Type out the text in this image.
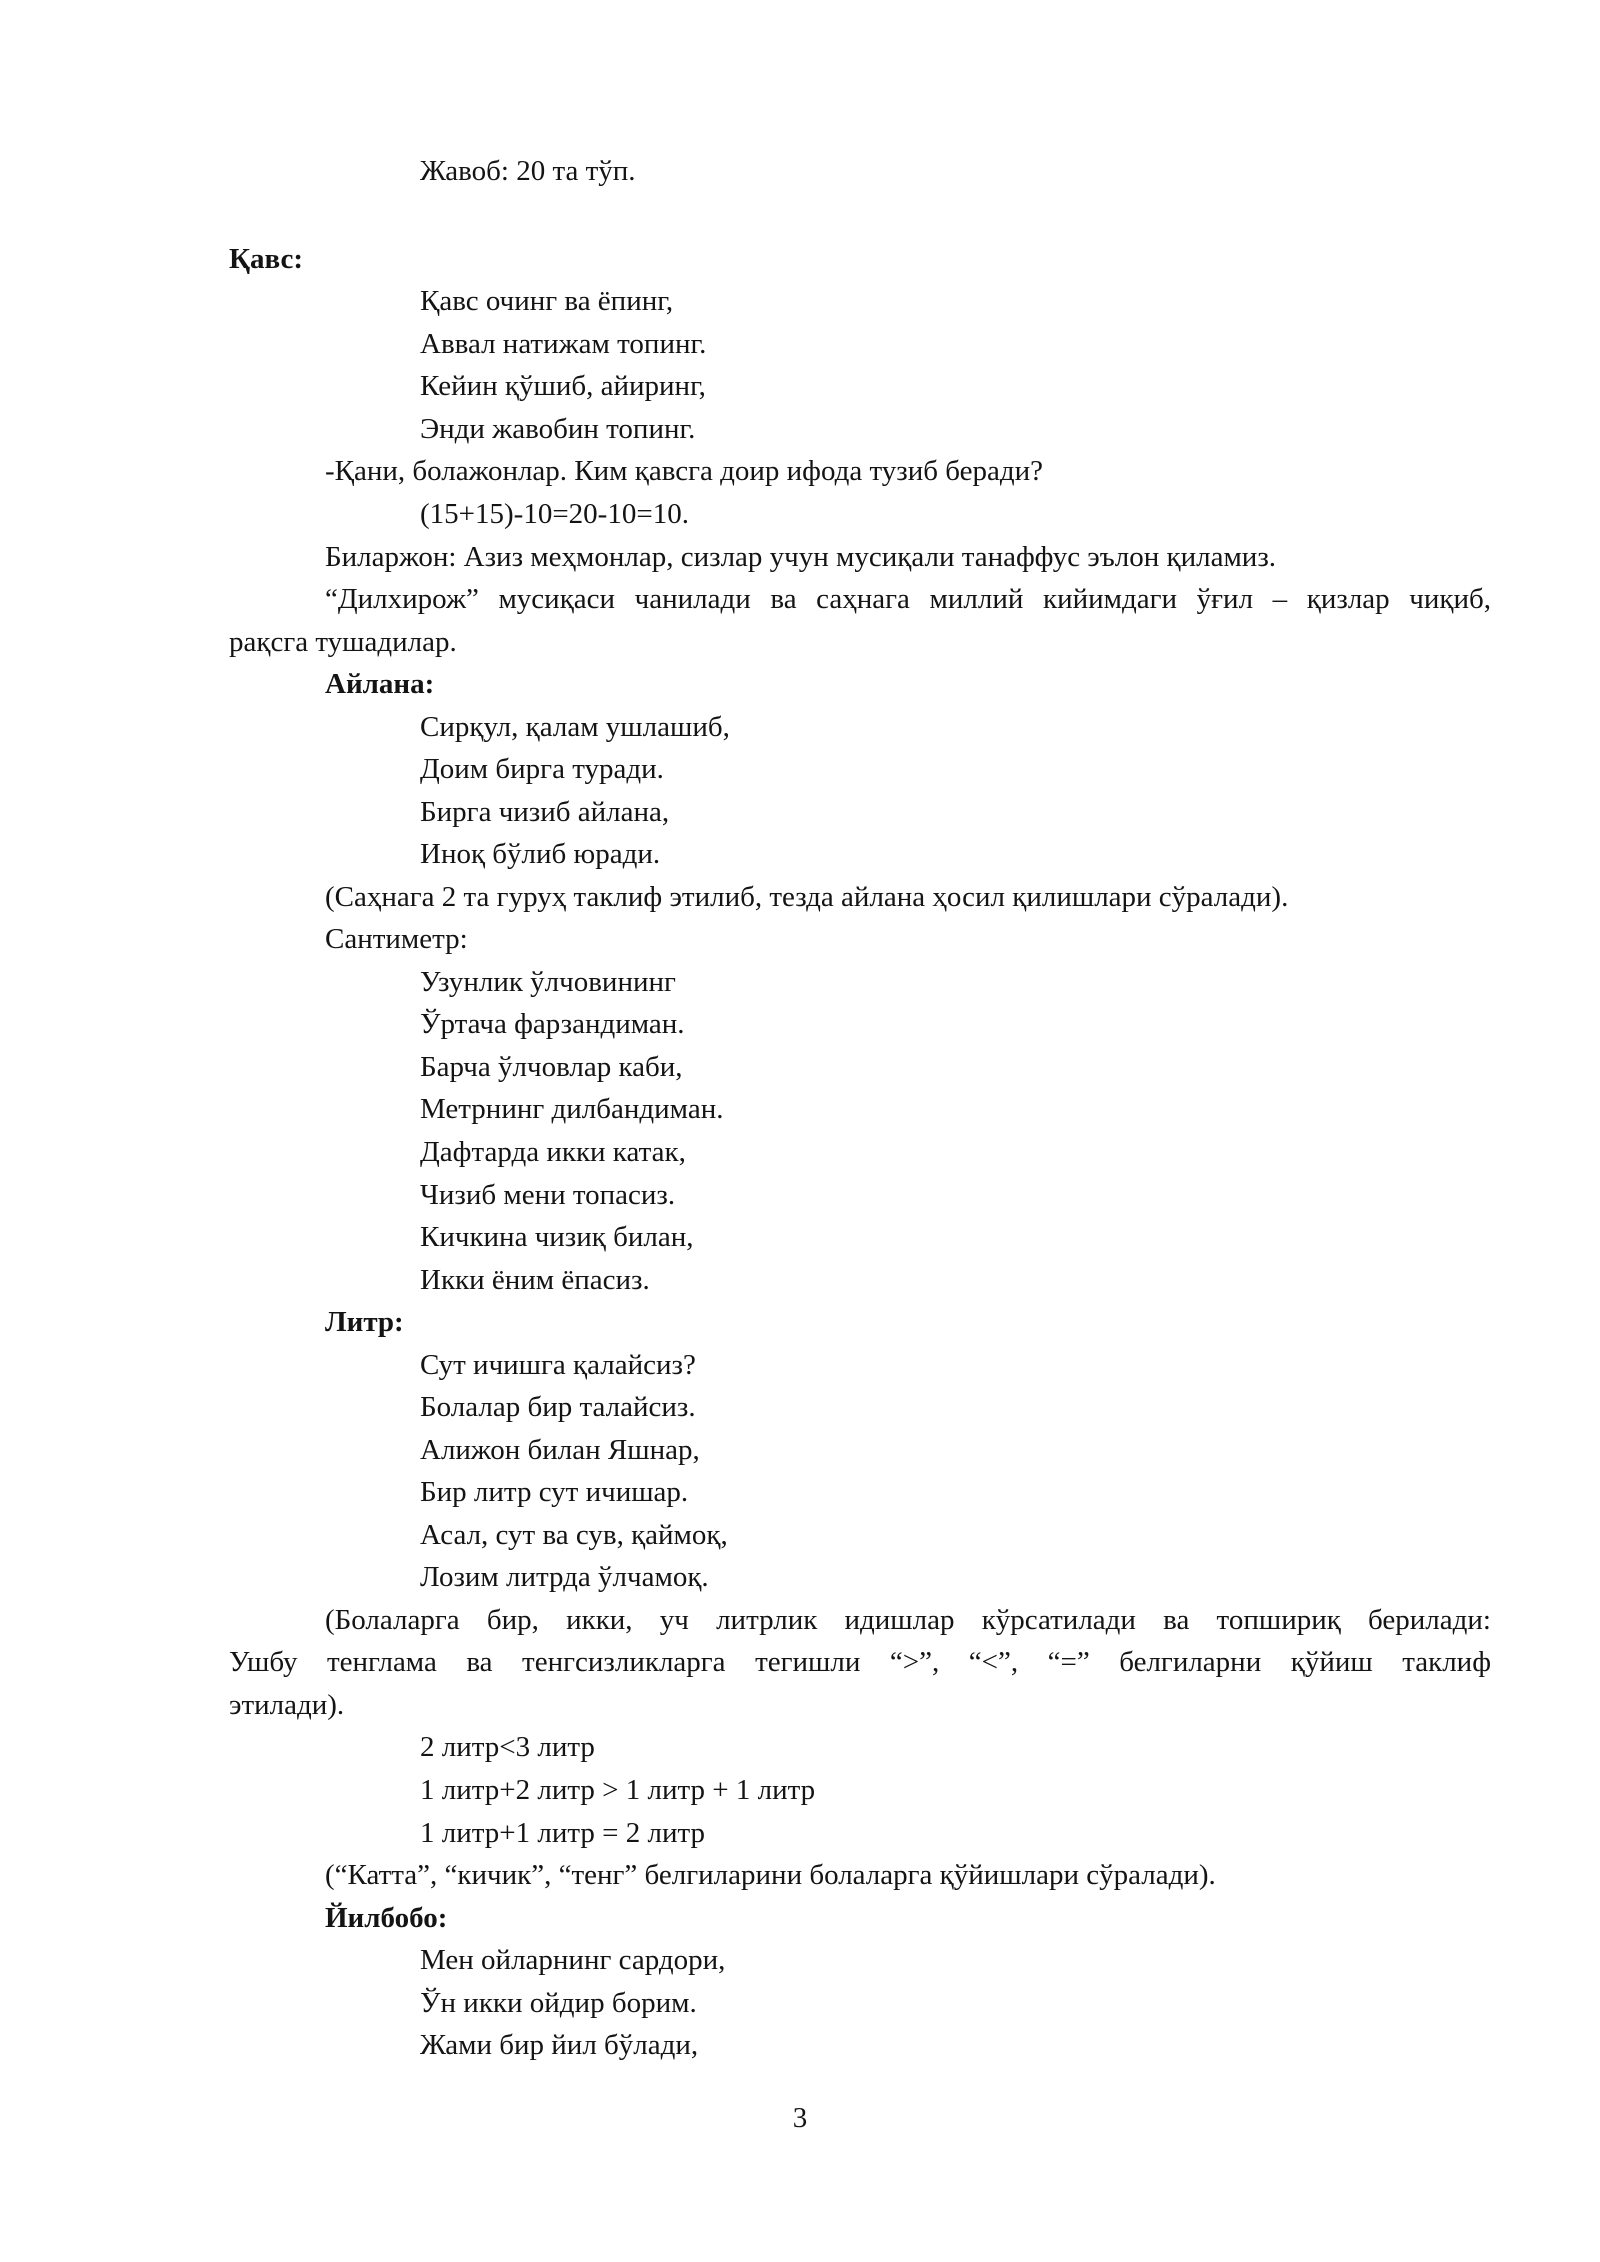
Жавоб: 20 та тўп.
Қавс:
Қавс очинг ва ёпинг,
Аввал натижам топинг.
Кейин қўшиб, айиринг,
Энди жавобин топинг.
-Қани, болажонлар. Ким қавсга доир ифода тузиб беради?
(15+15)-10=20-10=10.
Биларжон: Азиз меҳмонлар, сизлар учун мусиқали танаффус эълон қиламиз.
“Дилхирож” мусиқаси чанилади ва саҳнага миллий кийимдаги ўғил – қизлар чиқиб,
рақсга тушадилар.
Айлана:
Сирқул, қалам ушлашиб,
Доим бирга туради.
Бирга чизиб айлана,
Иноқ бўлиб юради.
(Саҳнага 2 та гуруҳ таклиф этилиб, тезда айлана ҳосил қилишлари сўралади).
Сантиметр:
Узунлик ўлчовининг
Ўртача фарзандиман.
Барча ўлчовлар каби,
Метрнинг дилбандиман.
Дафтарда икки катак,
Чизиб мени топасиз.
Кичкина чизиқ билан,
Икки ёним ёпасиз.
Литр:
Сут ичишга қалайсиз?
Болалар бир талайсиз.
Алижон билан Яшнар,
Бир литр сут ичишар.
Асал, сут ва сув, қаймоқ,
Лозим литрда ўлчамоқ.
(Болаларга бир, икки, уч литрлик идишлар кўрсатилади ва топшириқ берилади:
Ушбу тенглама ва тенгсизликларга тегишли “>”, “<”, “=” белгиларни қўйиш таклиф
этилади).
2 литр<3 литр
1 литр+2 литр > 1 литр + 1 литр
1 литр+1 литр = 2 литр
(“Катта”, “кичик”, “тенг” белгиларини болаларга қўйишлари сўралади).
Йилбобо:
Мен ойларнинг сардори,
Ўн икки ойдир борим.
Жами бир йил бўлади,
3
